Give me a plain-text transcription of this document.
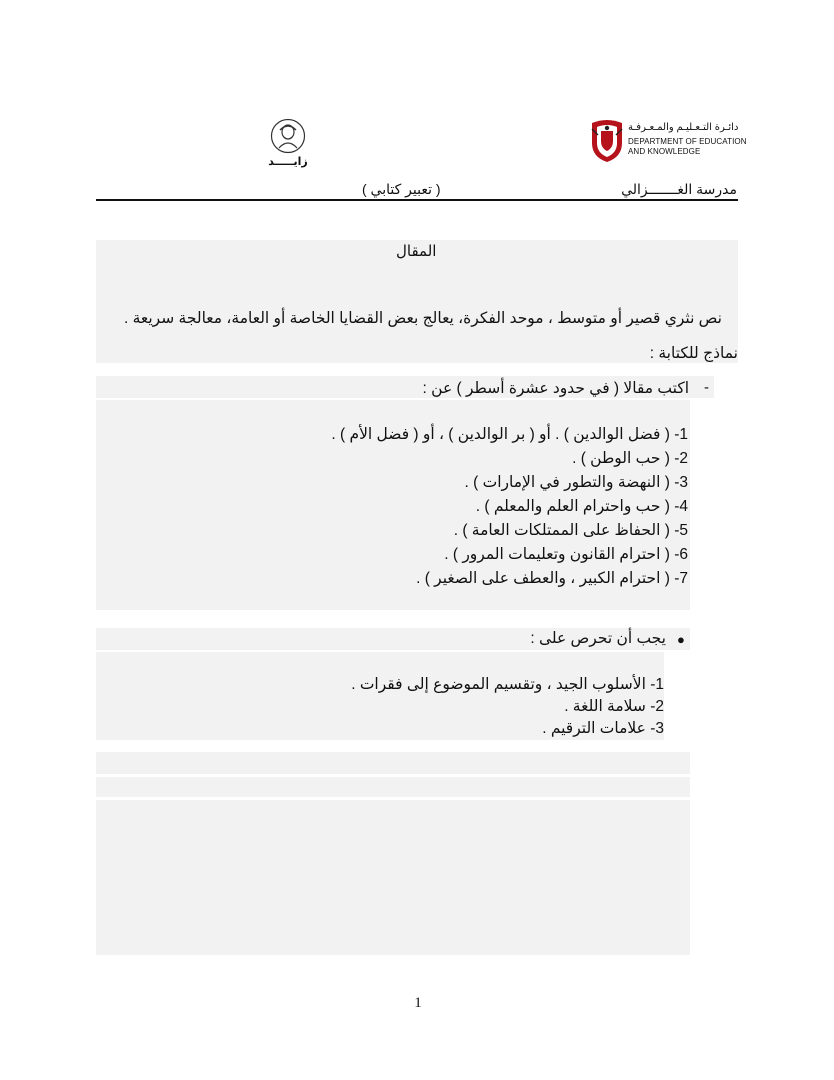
زايـــــد
دائـرة التـعـليـم والمـعـرفـة
DEPARTMENT OF EDUCATION
AND KNOWLEDGE
مدرسة الغـــــــزالي
( تعبير كتابي )
المقال
نص نثري قصير أو متوسط ، موحد الفكرة، يعالج بعض القضايا الخاصة أو العامة، معالجة سريعة .
نماذج للكتابة :
-
اكتب مقالا ( في حدود عشرة أسطر ) عن :
1- ( فضل الوالدين ) . أو ( بر الوالدين ) ، أو ( فضل الأم ) .
2- ( حب الوطن ) .
3- ( النهضة والتطور في الإمارات ) .
4- ( حب واحترام العلم والمعلم ) .
5- ( الحفاظ على الممتلكات العامة ) .
6- ( احترام القانون وتعليمات المرور ) .
7- ( احترام الكبير ، والعطف على الصغير ) .
●
يجب أن تحرص على :
1- الأسلوب الجيد ، وتقسيم الموضوع إلى فقرات .
2- سلامة اللغة .
3- علامات الترقيم .
1
